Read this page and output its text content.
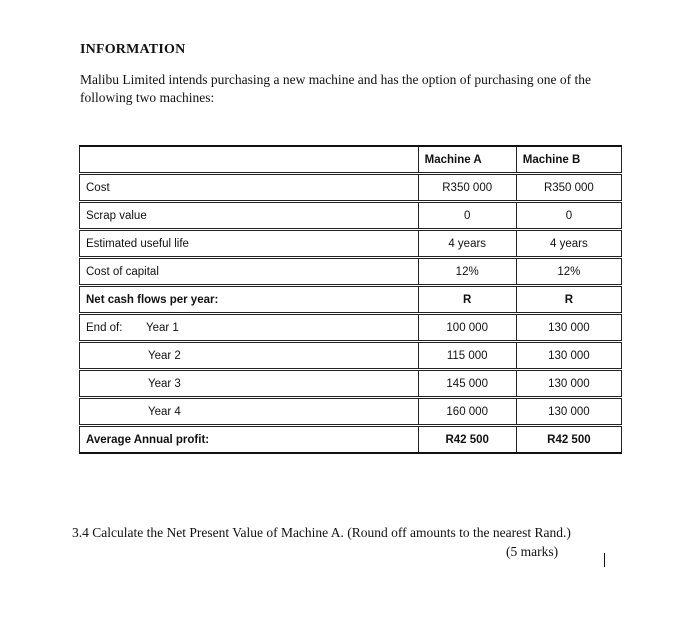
INFORMATION
Malibu Limited intends purchasing a new machine and has the option of purchasing one of the following two machines:
	Machine A	Machine B
Cost	R350 000	R350 000
Scrap value	0	0
Estimated useful life	4 years	4 years
Cost of capital	12%	12%
Net cash flows per year:	R	R
End of: Year 1	100 000	130 000
Year 2	115 000	130 000
Year 3	145 000	130 000
Year 4	160 000	130 000
Average Annual profit:	R42 500	R42 500
3.4 Calculate the Net Present Value of Machine A. (Round off amounts to the nearest Rand.)
(5 marks)
